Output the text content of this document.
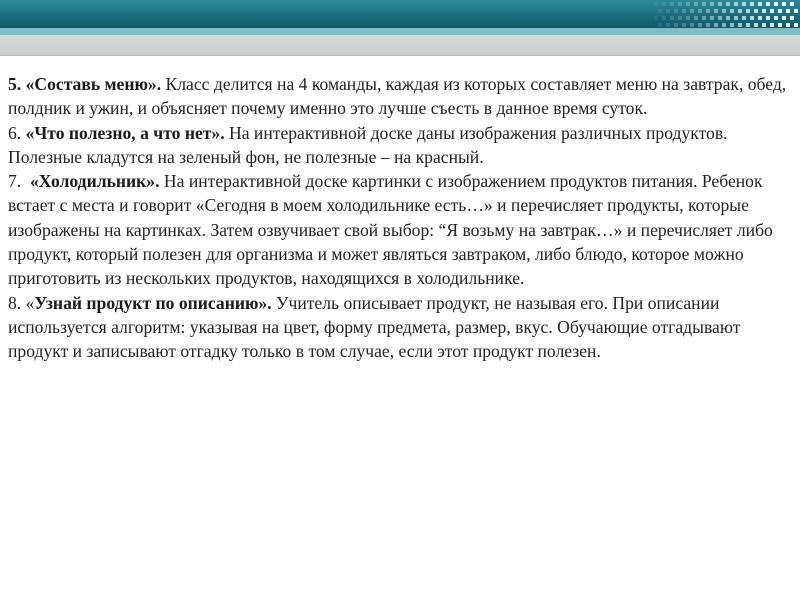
5. «Составь меню». Класс делится на 4 команды, каждая из которых составляет меню на завтрак, обед, полдник и ужин, и объясняет почему именно это лучше съесть в данное время суток.

6. «Что полезно, а что нет». На интерактивной доске даны изображения различных продуктов. Полезные кладутся на зеленый фон, не полезные – на красный.

7.  «Холодильник». На интерактивной доске картинки с изображением продуктов питания. Ребенок встает с места и говорит «Сегодня в моем холодильнике есть…» и перечисляет продукты, которые изображены на картинках. Затем озвучивает свой выбор: “Я возьму на завтрак…» и перечисляет либо продукт, который полезен для организма и может являться завтраком, либо блюдо, которое можно приготовить из нескольких продуктов, находящихся в холодильнике.

8. «Узнай продукт по описанию». Учитель описывает продукт, не называя его. При описании используется алгоритм: указывая на цвет, форму предмета, размер, вкус. Обучающие отгадывают продукт и записывают отгадку только в том случае, если этот продукт полезен.
